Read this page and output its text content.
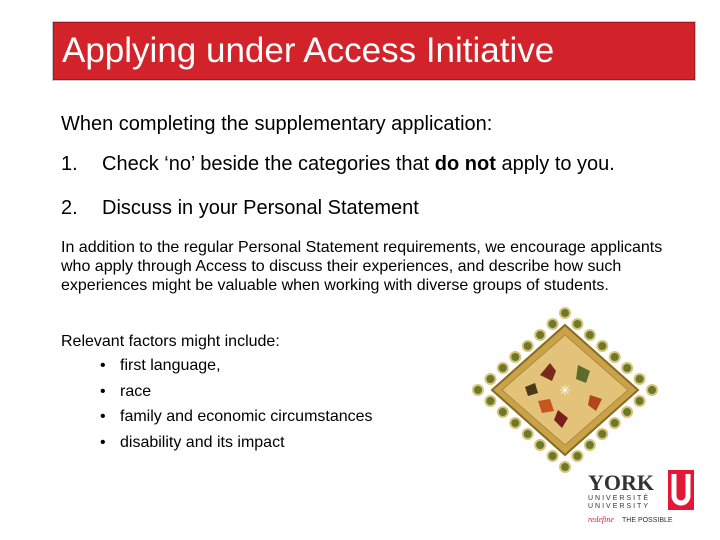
Applying under Access Initiative
When completing the supplementary application:
1. Check ‘no’ beside the categories that do not apply to you.
2. Discuss in your Personal Statement
In addition to the regular Personal Statement requirements, we encourage applicants who apply through Access to discuss their experiences, and describe how such experiences might be valuable when working with diverse groups of students.
Relevant factors might include:
• first language,
• race
• family and economic circumstances
• disability and its impact
✳
YORK
UNIVERSITÉ
UNIVERSITY
redefine THE POSSIBLE
